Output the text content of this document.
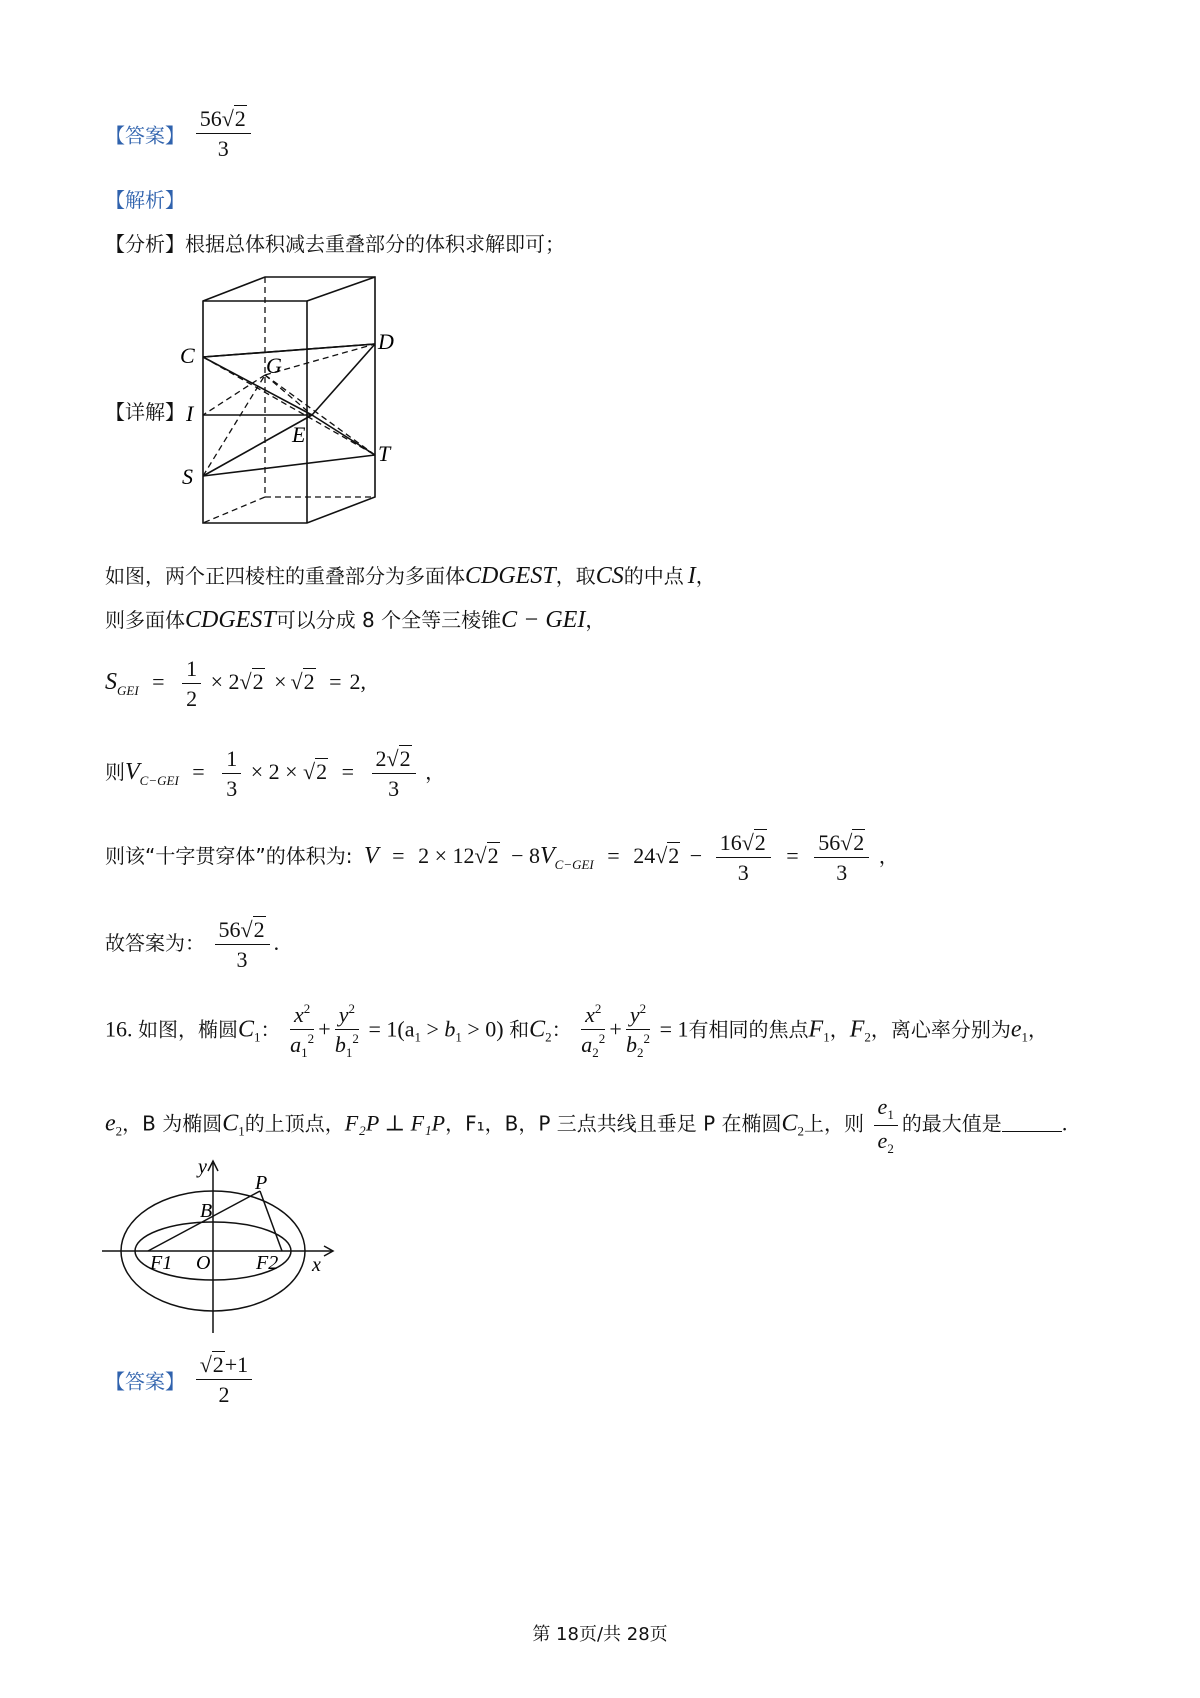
【答案】 $\frac{56√2}{3}$
【解析】
【分析】根据总体积减去重叠部分的体积求解即可；
【详解】
C
D
G
I
E
T
S
如图，两个正四棱柱的重叠部分为多面体CDGEST，取CS的中点 I，
则多面体CDGEST可以分成 8 个全等三棱锥C − GEI，
$S_{GEI} = \frac{1}{2} \times 2√2 \times √2 = 2$,
则$V_{C-GEI} = \frac{1}{3} \times 2 \times √2 = \frac{2√2}{3}$ ，
则该“十字贯穿体”的体积为: $V = 2 \times 12√2 - 8V_{C-GEI} = 24√2 - \frac{16√2}{3} = \frac{56√2}{3}$ ，
故答案为： $\frac{56√2}{3}$ .
16. 如图，椭圆$C_1$： $\frac{x^2}{a_1^2} + \frac{y^2}{b_1^2} = 1(a_1 > b_1 > 0)$ 和$C_2$： $\frac{x^2}{a_2^2} + \frac{y^2}{b_2^2} = 1$有相同的焦点$F_1$，$F_2$，离心率分别为$e_1$，
$e_2$，B 为椭圆$C_1$的上顶点，F₂P ⊥ F₁P，F₁，B，P 三点共线且垂足 P 在椭圆$C_2$上，则 $\frac{e_1}{e_2}$ 的最大值是	.
y
P
B
F1 O F2 x
【答案】 $\frac{√2+1}{2}$
第 18页/共 28页
